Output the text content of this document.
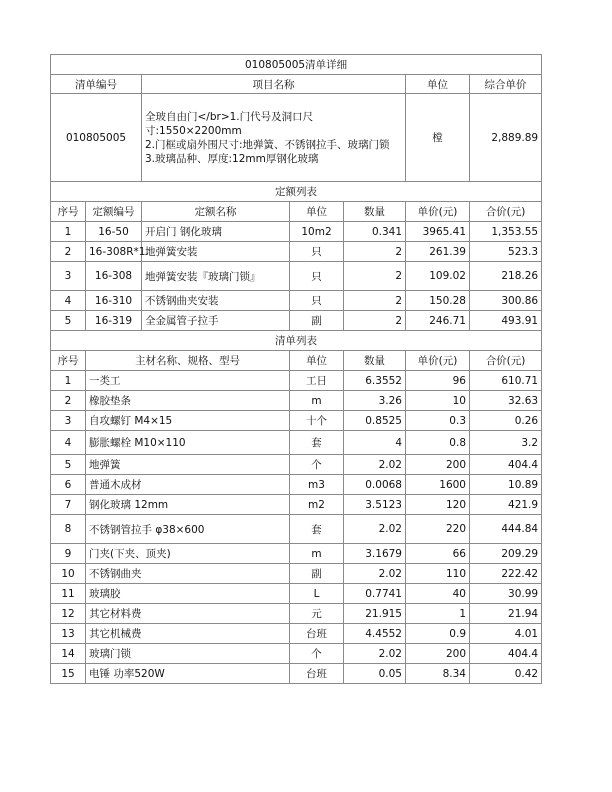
010805005清单详细						
清单编号		项目名称			单位	综合单价
010805005		全玻自由门</br>1.门代号及洞口尺寸:1550×2200mm
2.门框或扇外围尺寸:地弹簧、不锈钢拉手、玻璃门锁
3.玻璃品种、厚度:12mm厚钢化玻璃			樘	2,889.89
定额列表						
序号	定额编号	定额名称	单位	数量	单价(元)	合价(元)
1	16-50	开启门 钢化玻璃	10m2	0.341	3965.41	1,353.55
2	16-308R*1.	地弹簧安装	只	2	261.39	523.3
3	16-308	地弹簧安装『玻璃门锁』	只	2	109.02	218.26
4	16-310	不锈钢曲夹安装	只	2	150.28	300.86
5	16-319	全金属管子拉手	副	2	246.71	493.91
清单列表						
序号	主材名称、规格、型号		单位	数量	单价(元)	合价(元)
1	一类工		工日	6.3552	96	610.71
2	橡胶垫条		m	3.26	10	32.63
3	自攻螺钉 M4×15		十个	0.8525	0.3	0.26
4	膨胀螺栓 M10×110		套	4	0.8	3.2
5	地弹簧		个	2.02	200	404.4
6	普通木成材		m3	0.0068	1600	10.89
7	钢化玻璃 12mm		m2	3.5123	120	421.9
8	不锈钢管拉手 φ38×600		套	2.02	220	444.84
9	门夹(下夹、顶夹)		m	3.1679	66	209.29
10	不锈钢曲夹		副	2.02	110	222.42
11	玻璃胶		L	0.7741	40	30.99
12	其它材料费		元	21.915	1	21.94
13	其它机械费		台班	4.4552	0.9	4.01
14	玻璃门锁		个	2.02	200	404.4
15	电锤 功率520W		台班	0.05	8.34	0.42
